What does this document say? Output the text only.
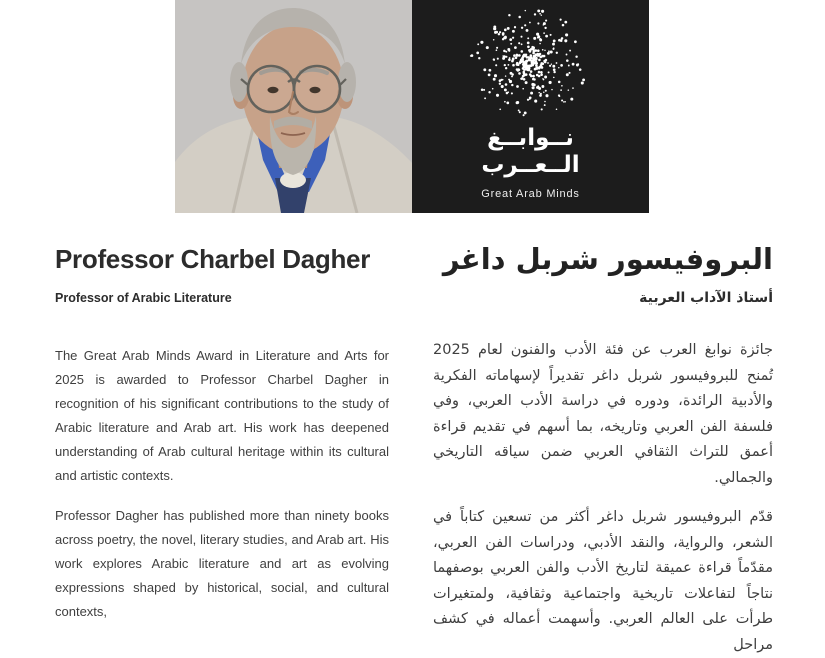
نــوابــغ
الــعــرب
Great Arab Minds
Professor Charbel Dagher
Professor of Arabic Literature

The Great Arab Minds Award in Literature and Arts for 2025 is awarded to Professor Charbel Dagher in recognition of his significant contributions to the study of Arabic literature and Arab art. His work has deepened understanding of Arab cultural heritage within its cultural and artistic contexts.

Professor Dagher has published more than ninety books across poetry, the novel, literary studies, and Arab art. His work explores Arabic literature and art as evolving expressions shaped by historical, social, and cultural contexts,

البروفيسور شربل داغر
أستاذ الآداب العربية

جائزة نوابغ العرب عن فئة الأدب والفنون لعام 2025 تُمنح للبروفيسور شربل داغر تقديراً لإسهاماته الفكرية والأدبية الرائدة، ودوره في دراسة الأدب العربي، وفي فلسفة الفن العربي وتاريخه، بما أسهم في تقديم قراءة أعمق للتراث الثقافي العربي ضمن سياقه التاريخي والجمالي.

قدّم البروفيسور شربل داغر أكثر من تسعين كتاباً في الشعر، والرواية، والنقد الأدبي، ودراسات الفن العربي، مقدّماً قراءة عميقة لتاريخ الأدب والفن العربي بوصفهما نتاجاً لتفاعلات تاريخية واجتماعية وثقافية، ولمتغيرات طرأت على العالم العربي. وأسهمت أعماله في كشف مراحل
